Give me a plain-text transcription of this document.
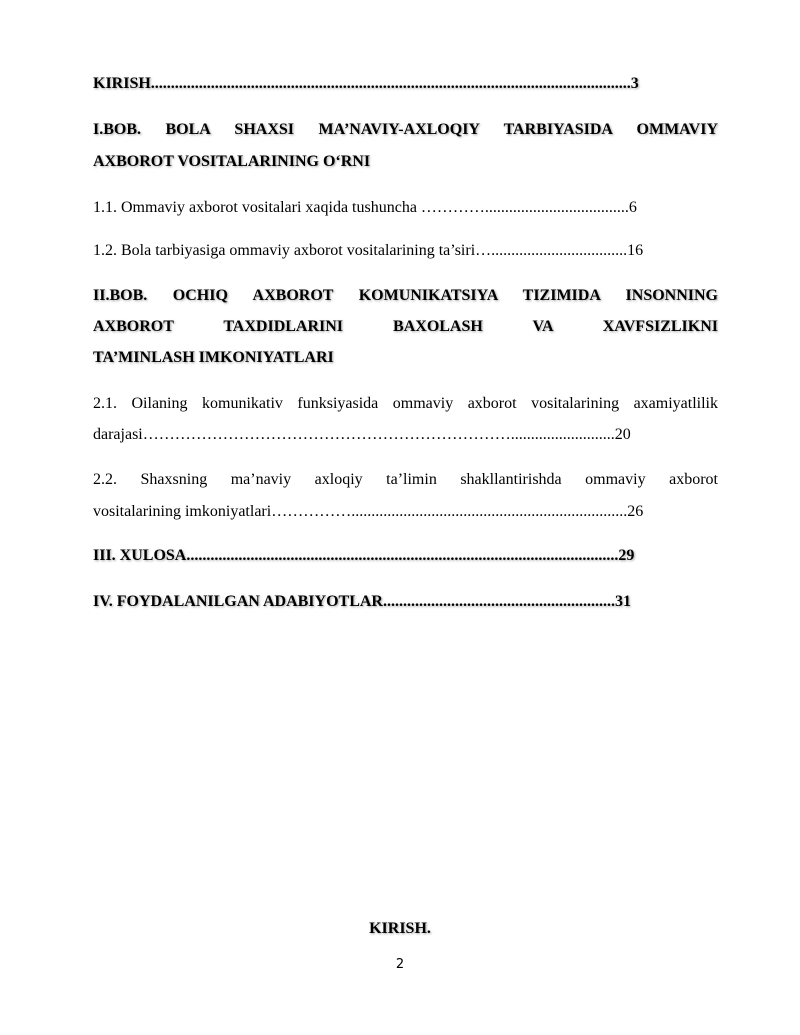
KIRISH........................................................................................................................3
I.BOB. BOLA SHAXSI MA’NAVIY-AXLOQIY TARBIYASIDA OMMAVIY
AXBOROT VOSITALARINING O‘RNI
1.1. Ommaviy axborot vositalari xaqida tushuncha …………....................................6
1.2. Bola tarbiyasiga ommaviy axborot vositalarining ta’siri…..................................16
II.BOB. OCHIQ AXBOROT KOMUNIKATSIYA TIZIMIDA INSONNING
AXBOROT TAXDIDLARINI BAXOLASH VA XAVFSIZLIKNI
TA’MINLASH IMKONIYATLARI
2.1. Oilaning komunikativ funksiyasida ommaviy axborot vositalarining axamiyatlilik
darajasi……………………………………………………………..........................20
2.2. Shaxsning ma’naviy axloqiy ta’limin shakllantirishda ommaviy axborot
vositalarining imkoniyatlari…………….....................................................................26
III. XULOSA............................................................................................................29
IV. FOYDALANILGAN ADABIYOTLAR..........................................................31
KIRISH.
2
